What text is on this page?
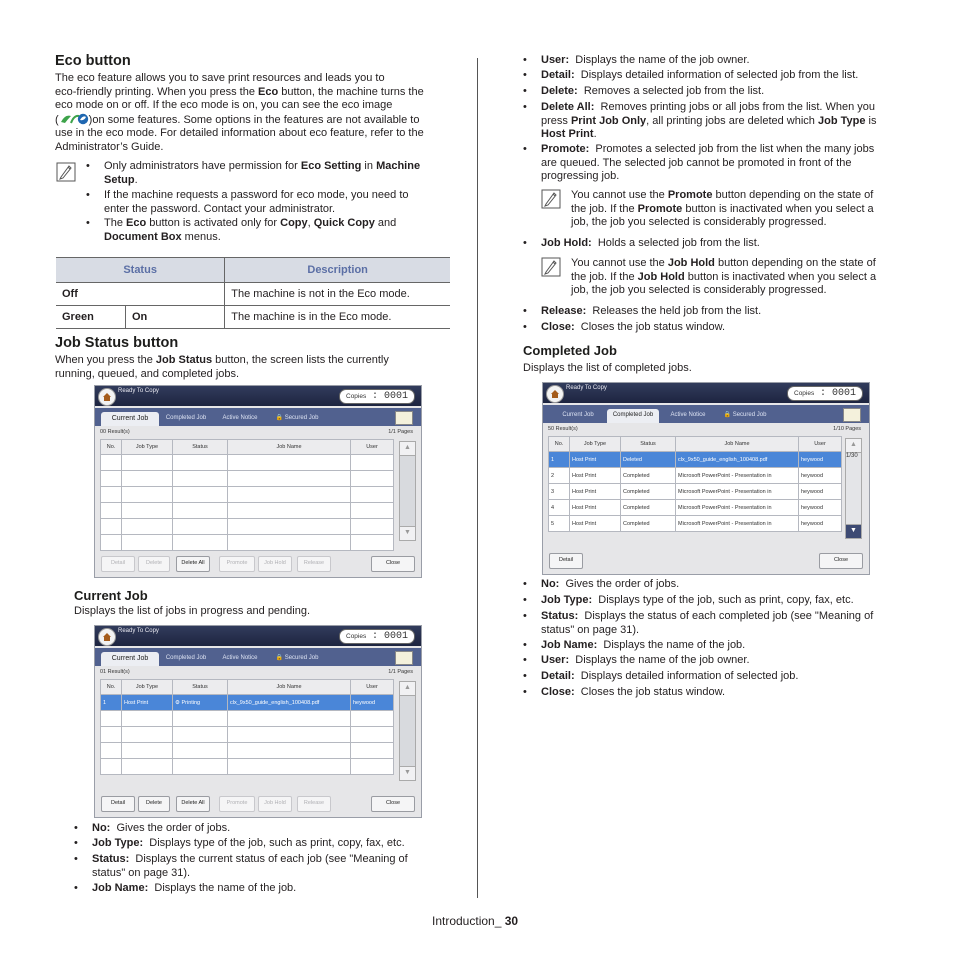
Eco button
The eco feature allows you to save print resources and leads you to
eco-friendly printing. When you press the Eco button, the machine turns the
eco mode on or off. If the eco mode is on, you can see the eco image
(	)on some features. Some options in the features are not available to
use in the eco mode. For detailed information about eco feature, refer to the
Administrator’s Guide.
• Only administrators have permission for Eco Setting in Machine
Setup.
• If the machine requests a password for eco mode, you need to
enter the password. Contact your administrator.
• The Eco button is activated only for Copy, Quick Copy and
Document Box menus.
Status		Description
Off		The machine is not in the Eco mode.
Green	On	The machine is in the Eco mode.
Job Status button
When you press the Job Status button, the screen lists the currently
running, queued, and completed jobs.
Ready To Copy
Copies : 0001
Current Job	Completed Job	Active Notice	🔒 Secured Job
00 Result(s)	1/1 Pages
No.	Job Type	Status	Job Name	User

					▲
▼
Detail	Delete	Delete All	Promote	Job Hold	Release	Close
Current Job
Displays the list of jobs in progress and pending.
Ready To Copy
Copies : 0001
Current Job	Completed Job	Active Notice	🔒 Secured Job
01 Result(s)	1/1 Pages
No.	Job Type	Status	Job Name	User
1	Host Print	⚙ Printing	clx_9x50_guide_english_100408.pdf	heywood

▲
▼
Detail	Delete	Delete All	Promote	Job Hold	Release	Close
• No: Gives the order of jobs.
• Job Type: Displays type of the job, such as print, copy, fax, etc.
• Status: Displays the current status of each job (see "Meaning of
status" on page 31).
• Job Name: Displays the name of the job.
• User: Displays the name of the job owner.
• Detail: Displays detailed information of selected job from the list.
• Delete: Removes a selected job from the list.
• Delete All: Removes printing jobs or all jobs from the list. When you
press Print Job Only, all printing jobs are deleted which Job Type is
Host Print.
• Promote: Promotes a selected job from the list when the many jobs
are queued. The selected job cannot be promoted in front of the
progressing job.
You cannot use the Promote button depending on the state of
the job. If the Promote button is inactivated when you select a
job, the job you selected is considerably progressed.
• Job Hold: Holds a selected job from the list.
You cannot use the Job Hold button depending on the state of
the job. If the Job Hold button is inactivated when you select a
job, the job you selected is considerably progressed.
• Release: Releases the held job from the list.
• Close: Closes the job status window.
Completed Job
Displays the list of completed jobs.
Ready To Copy
Copies : 0001
Current Job	Completed Job	Active Notice	🔒 Secured Job
50 Result(s)	1/10 Pages
No.	Job Type	Status	Job Name	User
1	Host Print	Deleted	clx_9x50_guide_english_100408.pdf	heywood
2	Host Print	Completed	Microsoft PowerPoint - Presentation in	heywood
3	Host Print	Completed	Microsoft PowerPoint - Presentation in	heywood
4	Host Print	Completed	Microsoft PowerPoint - Presentation in	heywood
5	Host Print	Completed	Microsoft PowerPoint - Presentation in	heywood
▲
1/30
▼
Detail	Close
• No: Gives the order of jobs.
• Job Type: Displays type of the job, such as print, copy, fax, etc.
• Status: Displays the status of each completed job (see "Meaning of
status" on page 31).
• Job Name: Displays the name of the job.
• User: Displays the name of the job owner.
• Detail: Displays detailed information of selected job.
• Close: Closes the job status window.
Introduction_ 30
